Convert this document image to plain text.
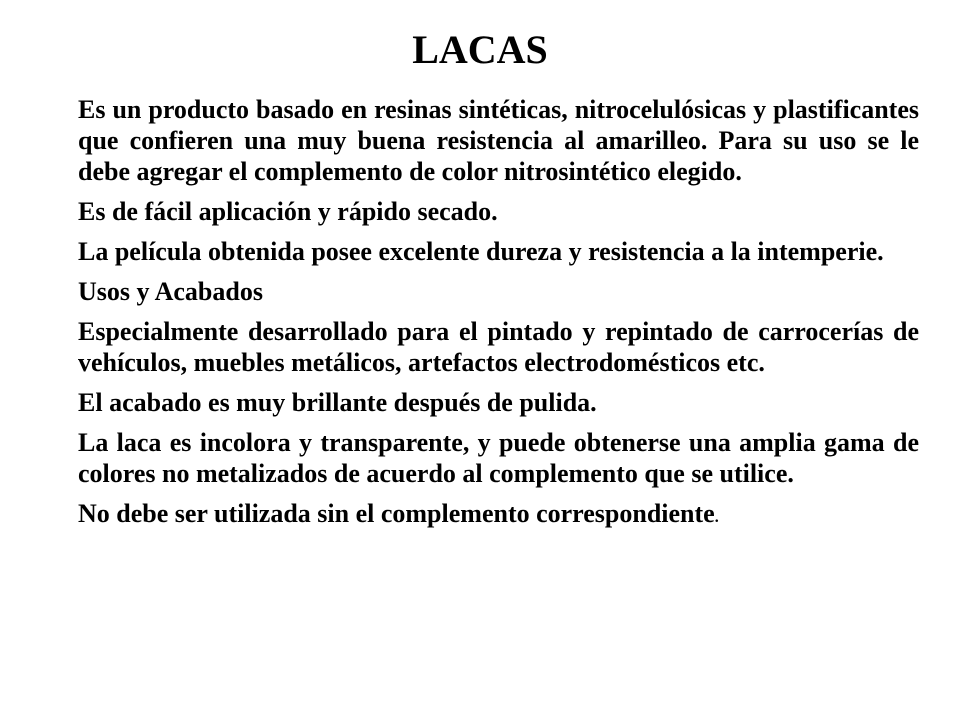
LACAS

Es un producto basado en resinas sintéticas, nitrocelulósicas y plastificantes que confieren una muy buena resistencia al amarilleo. Para su uso se le debe agregar el complemento de color nitrosintético elegido.

Es de fácil aplicación y rápido secado.

La película obtenida posee excelente dureza y resistencia a la intemperie.

Usos y Acabados

Especialmente desarrollado para el pintado y repintado de carrocerías de vehículos, muebles metálicos, artefactos electrodomésticos etc.

El acabado es muy brillante después de pulida.

La laca es incolora y transparente, y puede obtenerse una amplia gama de colores no metalizados de acuerdo al complemento que se utilice.

No debe ser utilizada sin el complemento correspondiente.
